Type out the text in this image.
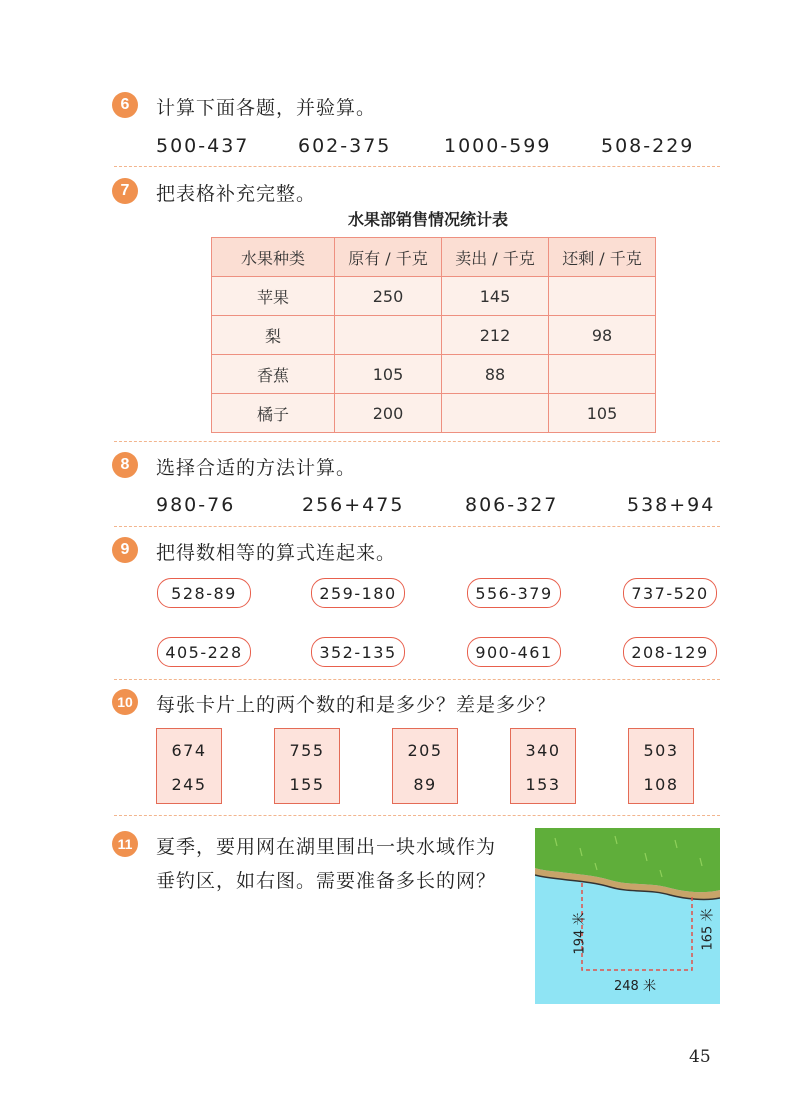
6	计算下面各题，并验算。
500-437	602-375	1000-599	508-229
7	把表格补充完整。
水果部销售情况统计表
水果种类	原有 / 千克	卖出 / 千克	还剩 / 千克
苹果	250	145	
梨		212	98
香蕉	105	88	
橘子	200		105
8	选择合适的方法计算。
980-76	256+475	806-327	538+94
9	把得数相等的算式连起来。
528-89	259-180	556-379	737-520
405-228	352-135	900-461	208-129
10 每张卡片上的两个数的和是多少？差是多少？
674
245
755
155
205
89
340
153
503
108
11 夏季，要用网在湖里围出一块水域作为
垂钓区，如右图。需要准备多长的网？
194 米	165 米
248 米
45
